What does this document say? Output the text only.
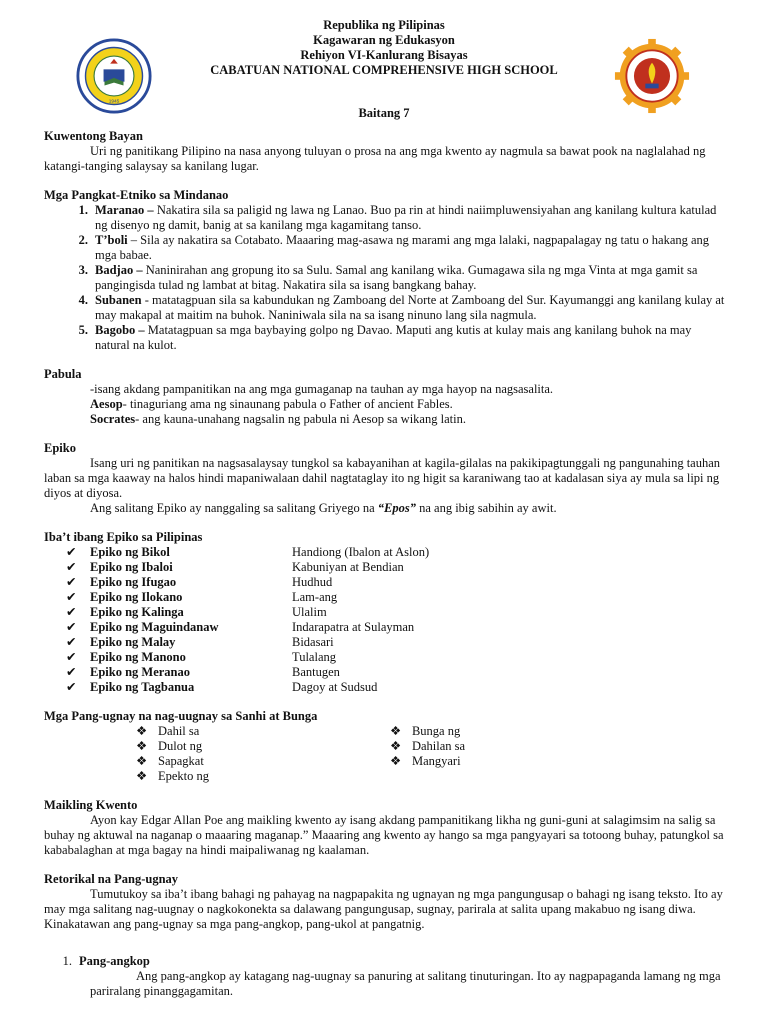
Republika ng Pilipinas
Kagawaran ng Edukasyon
Rehiyon VI-Kanlurang Bisayas
CABATUAN NATIONAL COMPREHENSIVE HIGH SCHOOL
1945
Baitang 7
Kuwentong Bayan

Uri ng panitikang Pilipino na nasa anyong tuluyan o prosa na ang mga kwento ay nagmula sa bawat pook na naglalahad ng katangi-tanging salaysay sa kanilang lugar.

Mga Pangkat-Etniko sa Mindanao
1. Maranao – Nakatira sila sa paligid ng lawa ng Lanao. Buo pa rin at hindi naiimpluwensiyahan ang kanilang kultura katulad ng disenyo ng damit, banig at sa kanilang mga kagamitang tanso.
2. T’boli – Sila ay nakatira sa Cotabato. Maaaring mag-asawa ng marami ang mga lalaki, nagpapalagay ng tatu o hakang ang mga babae.
3. Badjao – Naninirahan ang gropung ito sa Sulu. Samal ang kanilang wika. Gumagawa sila ng mga Vinta at mga gamit sa pangingisda tulad ng lambat at bitag. Nakatira sila sa isang bangkang bahay.
4. Subanen - matatagpuan sila sa kabundukan ng Zamboang del Norte at Zamboang del Sur. Kayumanggi ang kanilang kulay at may makapal at maitim na buhok. Naniniwala sila na sa isang ninuno lang sila nagmula.
5. Bagobo – Matatagpuan sa mga baybaying golpo ng Davao. Maputi ang kutis at kulay mais ang kanilang buhok na may natural na kulot.
Pabula
-isang akdang pampanitikan na ang mga gumaganap na tauhan ay mga hayop na nagsasalita.
Aesop- tinaguriang ama ng sinaunang pabula o Father of ancient Fables.
Socrates- ang kauna-unahang nagsalin ng pabula ni Aesop sa wikang latin.
Epiko

Isang uri ng panitikan na nagsasalaysay tungkol sa kabayanihan at kagila-gilalas na pakikipagtunggali ng pangunahing tauhan laban sa mga kaaway na halos hindi mapaniwalaan dahil nagtataglay ito ng higit sa karaniwang tao at kadalasan siya ay mula sa lipi ng diyos at diyosa.

Ang salitang Epiko ay nanggaling sa salitang Griyego na “Epos” na ang ibig sabihin ay awit.

Iba’t ibang Epiko sa Pilipinas
✔	Epiko ng Bikol	Handiong (Ibalon at Aslon)
✔	Epiko ng Ibaloi	Kabuniyan at Bendian
✔	Epiko ng Ifugao	Hudhud
✔	Epiko ng Ilokano	Lam-ang
✔	Epiko ng Kalinga	Ulalim
✔	Epiko ng Maguindanaw	Indarapatra at Sulayman
✔	Epiko ng Malay	Bidasari
✔	Epiko ng Manono	Tulalang
✔	Epiko ng Meranao	Bantugen
✔	Epiko ng Tagbanua	Dagoy at Sudsud
Mga Pang-ugnay na nag-uugnay sa Sanhi at Bunga
❖ Dahil sa
❖ Dulot ng
❖ Sapagkat
❖ Epekto ng
❖ Bunga ng
❖ Dahilan sa
❖ Mangyari
Maikling Kwento

Ayon kay Edgar Allan Poe ang maikling kwento ay isang akdang pampanitikang likha ng guni-guni at salagimsim na salig sa buhay ng aktuwal na naganap o maaaring maganap.” Maaaring ang kwento ay hango sa mga pangyayari sa totoong buhay, patungkol sa kababalaghan at mga bagay na hindi maipaliwanag ng kaalaman.

Retorikal na Pang-ugnay

Tumutukoy sa iba’t ibang bahagi ng pahayag na nagpapakita ng ugnayan ng mga pangungusap o bahagi ng isang teksto. Ito ay may mga salitang nag-uugnay o nagkokonekta sa dalawang pangungusap, sugnay, parirala at salita upang makabuo ng isang diwa. Kinakatawan ang pang-ugnay sa mga pang-angkop, pang-ukol at pangatnig.

1. Pang-angkop

Ang pang-angkop ay katagang nag-uugnay sa panuring at salitang tinuturingan. Ito ay nagpapaganda lamang ng mga pariralang pinanggagamitan.
